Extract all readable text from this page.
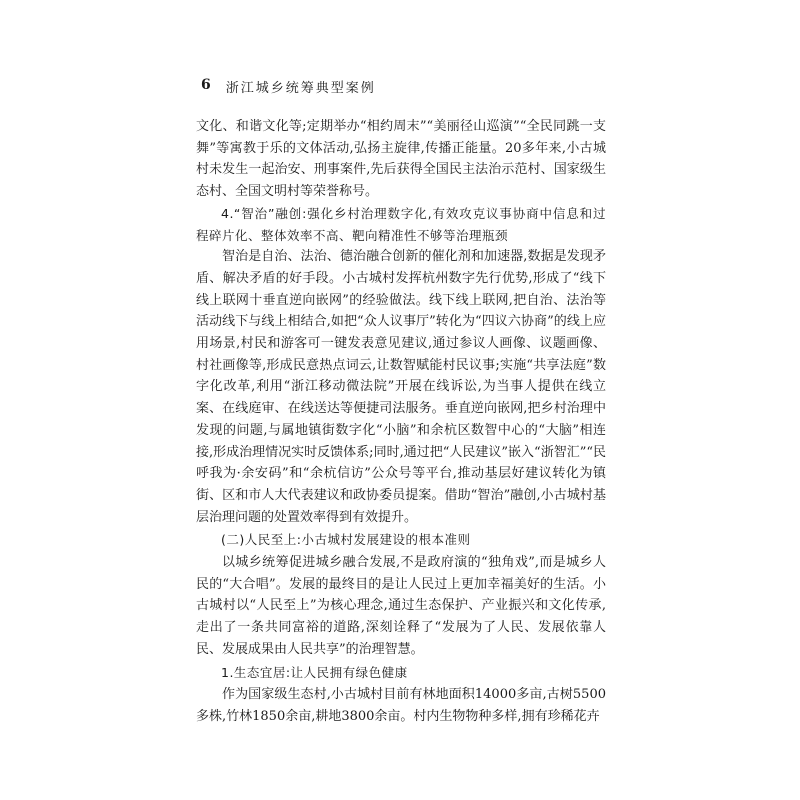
6 浙江城乡统筹典型案例

文化、和谐文化等;定期举办“相约周末”“美丽径山巡演”“全民同跳一支舞”等寓教于乐的文体活动,弘扬主旋律,传播正能量。20多年来,小古城村未发生一起治安、刑事案件,先后获得全国民主法治示范村、国家级生态村、全国文明村等荣誉称号。

4.“智治”融创:强化乡村治理数字化,有效攻克议事协商中信息和过程碎片化、整体效率不高、靶向精准性不够等治理瓶颈

智治是自治、法治、德治融合创新的催化剂和加速器,数据是发现矛盾、解决矛盾的好手段。小古城村发挥杭州数字先行优势,形成了“线下线上联网十垂直逆向嵌网”的经验做法。线下线上联网,把自治、法治等活动线下与线上相结合,如把“众人议事厅”转化为“四议六协商”的线上应用场景,村民和游客可一键发表意见建议,通过参议人画像、议题画像、村社画像等,形成民意热点词云,让数智赋能村民议事;实施“共享法庭”数字化改革,利用“浙江移动微法院”开展在线诉讼,为当事人提供在线立案、在线庭审、在线送达等便捷司法服务。垂直逆向嵌网,把乡村治理中发现的问题,与属地镇街数字化“小脑”和余杭区数智中心的“大脑”相连接,形成治理情况实时反馈体系;同时,通过把“人民建议”嵌入“浙智汇”“民呼我为·余安码”和“余杭信访”公众号等平台,推动基层好建议转化为镇街、区和市人大代表建议和政协委员提案。借助“智治”融创,小古城村基层治理问题的处置效率得到有效提升。

(二)人民至上:小古城村发展建设的根本准则

以城乡统筹促进城乡融合发展,不是政府演的“独角戏”,而是城乡人民的“大合唱”。发展的最终目的是让人民过上更加幸福美好的生活。小古城村以“人民至上”为核心理念,通过生态保护、产业振兴和文化传承,走出了一条共同富裕的道路,深刻诠释了“发展为了人民、发展依靠人民、发展成果由人民共享”的治理智慧。

1.生态宜居:让人民拥有绿色健康

作为国家级生态村,小古城村目前有林地面积14000多亩,古树5500多株,竹林1850余亩,耕地3800余亩。村内生物物种多样,拥有珍稀花卉
